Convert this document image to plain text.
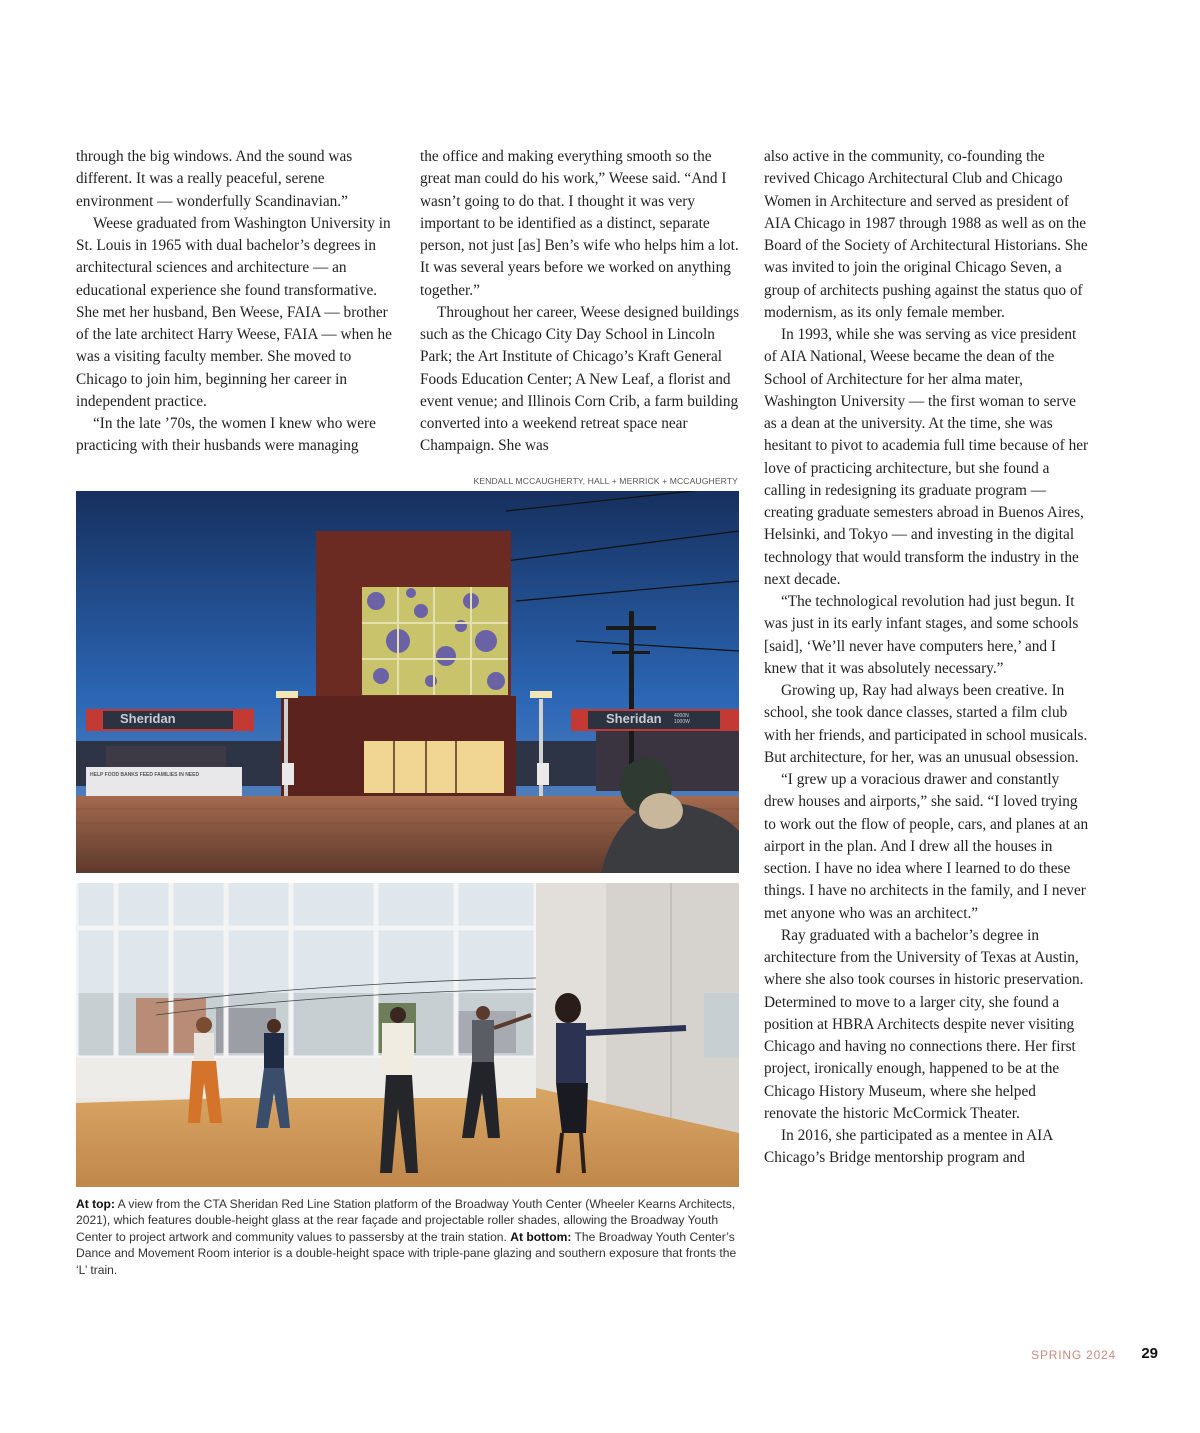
through the big windows. And the sound was different. It was a really peaceful, serene environment — wonderfully Scandinavian.”

Weese graduated from Washington University in St. Louis in 1965 with dual bachelor’s degrees in architectural sciences and architecture — an educational experience she found transformative. She met her husband, Ben Weese, FAIA — brother of the late architect Harry Weese, FAIA — when he was a visiting faculty member. She moved to Chicago to join him, beginning her career in independent practice.

“In the late ’70s, the women I knew who were practicing with their husbands were managing

the office and making everything smooth so the great man could do his work,” Weese said. “And I wasn’t going to do that. I thought it was very important to be identified as a distinct, separate person, not just [as] Ben’s wife who helps him a lot. It was several years before we worked on anything together.”

Throughout her career, Weese designed buildings such as the Chicago City Day School in Lincoln Park; the Art Institute of Chicago’s Kraft General Foods Education Center; A New Leaf, a florist and event venue; and Illinois Corn Crib, a farm building converted into a weekend retreat space near Champaign. She was

also active in the community, co-founding the revived Chicago Architectural Club and Chicago Women in Architecture and served as president of AIA Chicago in 1987 through 1988 as well as on the Board of the Society of Architectural Historians. She was invited to join the original Chicago Seven, a group of architects pushing against the status quo of modernism, as its only female member.

In 1993, while she was serving as vice president of AIA National, Weese became the dean of the School of Architecture for her alma mater, Washington University — the first woman to serve as a dean at the university. At the time, she was hesitant to pivot to academia full time because of her love of practicing architecture, but she found a calling in redesigning its graduate program — creating graduate semesters abroad in Buenos Aires, Helsinki, and Tokyo — and investing in the digital technology that would transform the industry in the next decade.

“The technological revolution had just begun. It was just in its early infant stages, and some schools [said], ‘We’ll never have computers here,’ and I knew that it was absolutely necessary.”

Growing up, Ray had always been creative. In school, she took dance classes, started a film club with her friends, and participated in school musicals. But architecture, for her, was an unusual obsession.

“I grew up a voracious drawer and constantly drew houses and airports,” she said. “I loved trying to work out the flow of people, cars, and planes at an airport in the plan. And I drew all the houses in section. I have no idea where I learned to do these things. I have no architects in the family, and I never met anyone who was an architect.”

Ray graduated with a bachelor’s degree in architecture from the University of Texas at Austin, where she also took courses in historic preservation. Determined to move to a larger city, she found a position at HBRA Architects despite never visiting Chicago and having no connections there. Her first project, ironically enough, happened to be at the Chicago History Museum, where she helped renovate the historic McCormick Theater.

In 2016, she participated as a mentee in AIA Chicago’s Bridge mentorship program and

KENDALL MCCAUGHERTY, HALL + MERRICK + MCCAUGHERTY
Sheridan	Sheridan 4000N 1000W
HELP FOOD BANKS FEED FAMILIES IN NEED
At top: A view from the CTA Sheridan Red Line Station platform of the Broadway Youth Center (Wheeler Kearns Architects, 2021), which features double-height glass at the rear façade and projectable roller shades, allowing the Broadway Youth Center to project artwork and community values to passersby at the train station. At bottom: The Broadway Youth Center’s Dance and Movement Room interior is a double-height space with triple-pane glazing and southern exposure that fronts the ‘L’ train.
SPRING 2024 29
